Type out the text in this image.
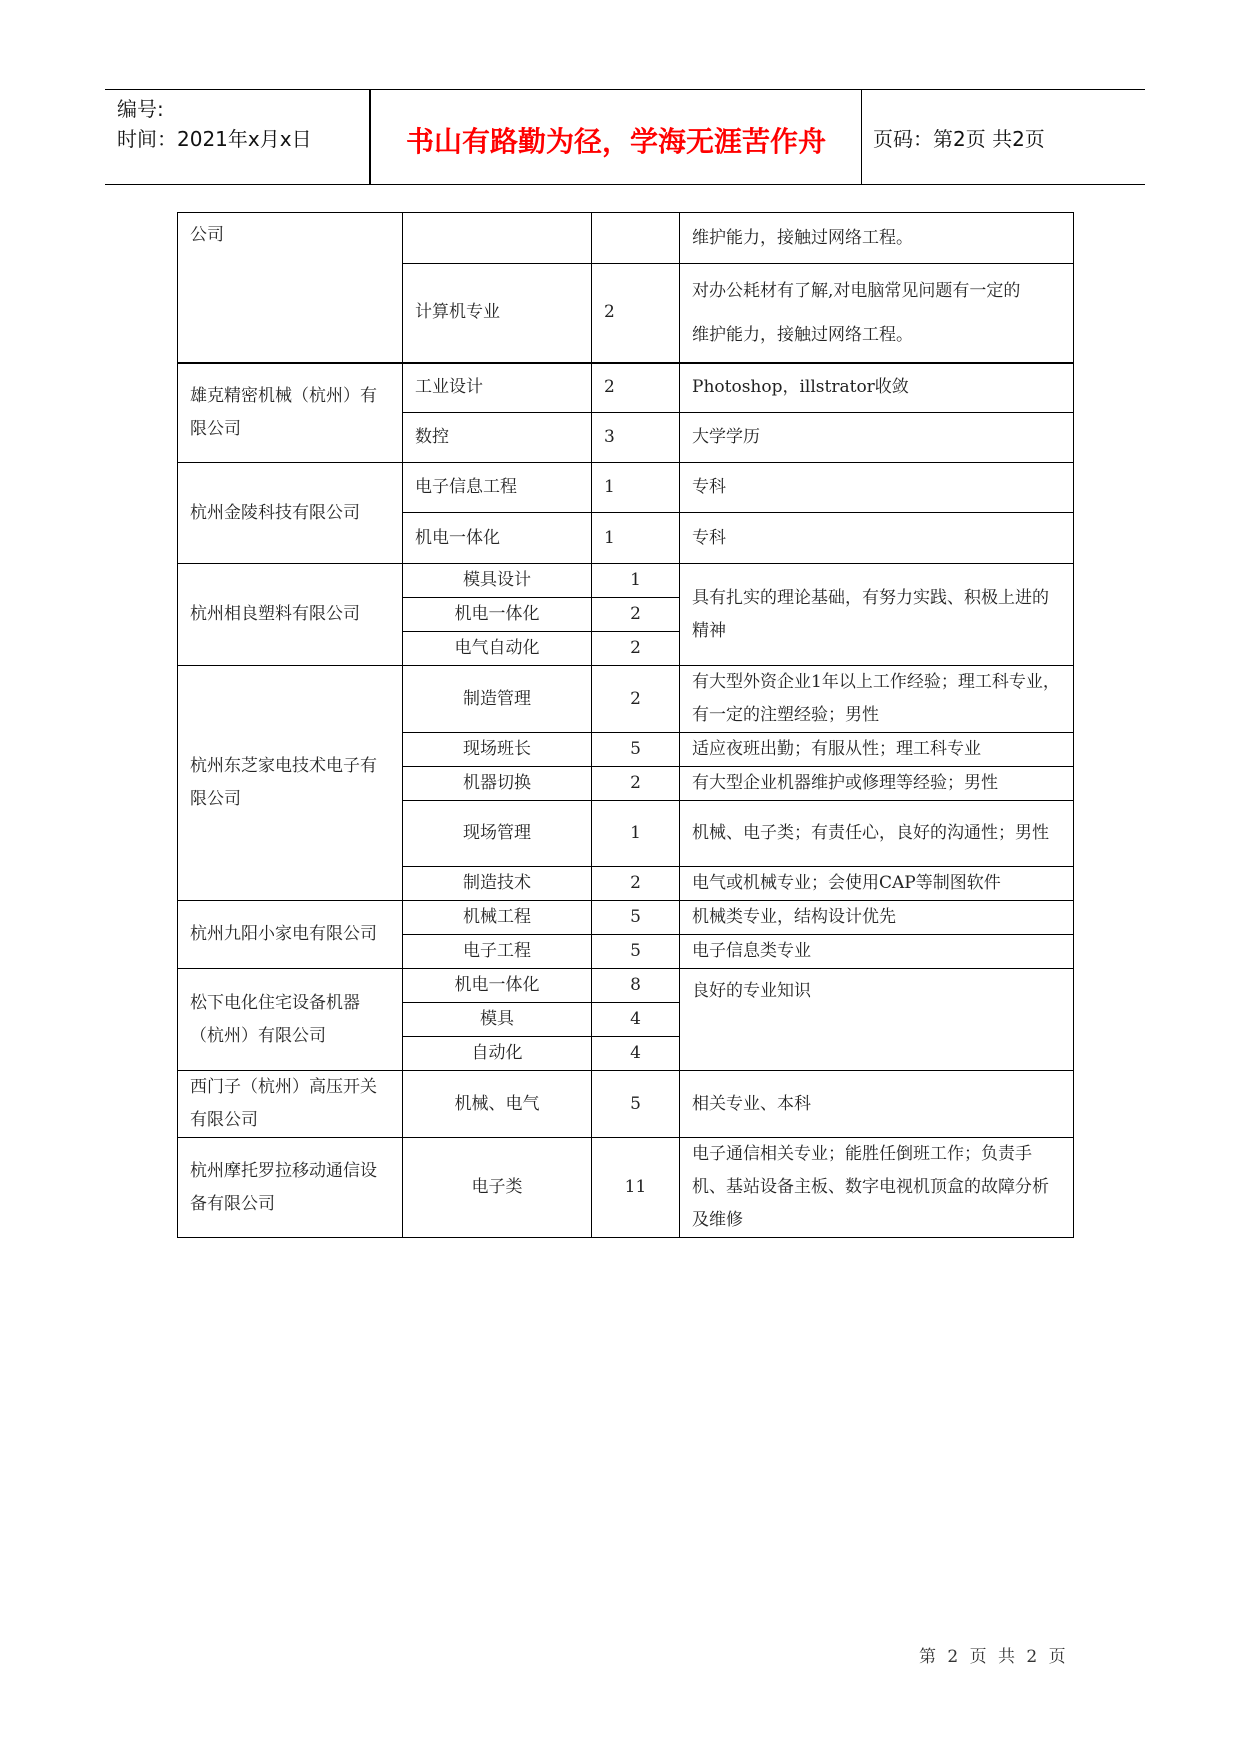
编号:
时间：2021年x月x日	书山有路勤为径，学海无涯苦作舟	页码：第2页 共2页
公司			维护能力，接触过网络工程。
	计算机专业	2	对办公耗材有了解,对电脑常见问题有一定的
维护能力，接触过网络工程。
雄克精密机械（杭州）有限公司	工业设计	2	Photoshop，illstrator收敛
	数控	3	大学学历
杭州金陵科技有限公司	电子信息工程	1	专科
	机电一体化	1	专科
杭州相良塑料有限公司	模具设计	1	具有扎实的理论基础，有努力实践、积极上进的精神
	机电一体化	2	
	电气自动化	2	
杭州东芝家电技术电子有限公司	制造管理	2	有大型外资企业1年以上工作经验；理工科专业，有一定的注塑经验；男性
	现场班长	5	适应夜班出勤；有服从性；理工科专业
	机器切换	2	有大型企业机器维护或修理等经验；男性
	现场管理	1	机械、电子类；有责任心，良好的沟通性；男性
	制造技术	2	电气或机械专业；会使用CAP等制图软件
杭州九阳小家电有限公司	机械工程	5	机械类专业，结构设计优先
	电子工程	5	电子信息类专业
松下电化住宅设备机器（杭州）有限公司	机电一体化	8	良好的专业知识
	模具	4	
	自动化	4	
西门子（杭州）高压开关有限公司	机械、电气	5	相关专业、本科
杭州摩托罗拉移动通信设备有限公司	电子类	11	电子通信相关专业；能胜任倒班工作；负责手机、基站设备主板、数字电视机顶盒的故障分析及维修
第 2 页 共 2 页
